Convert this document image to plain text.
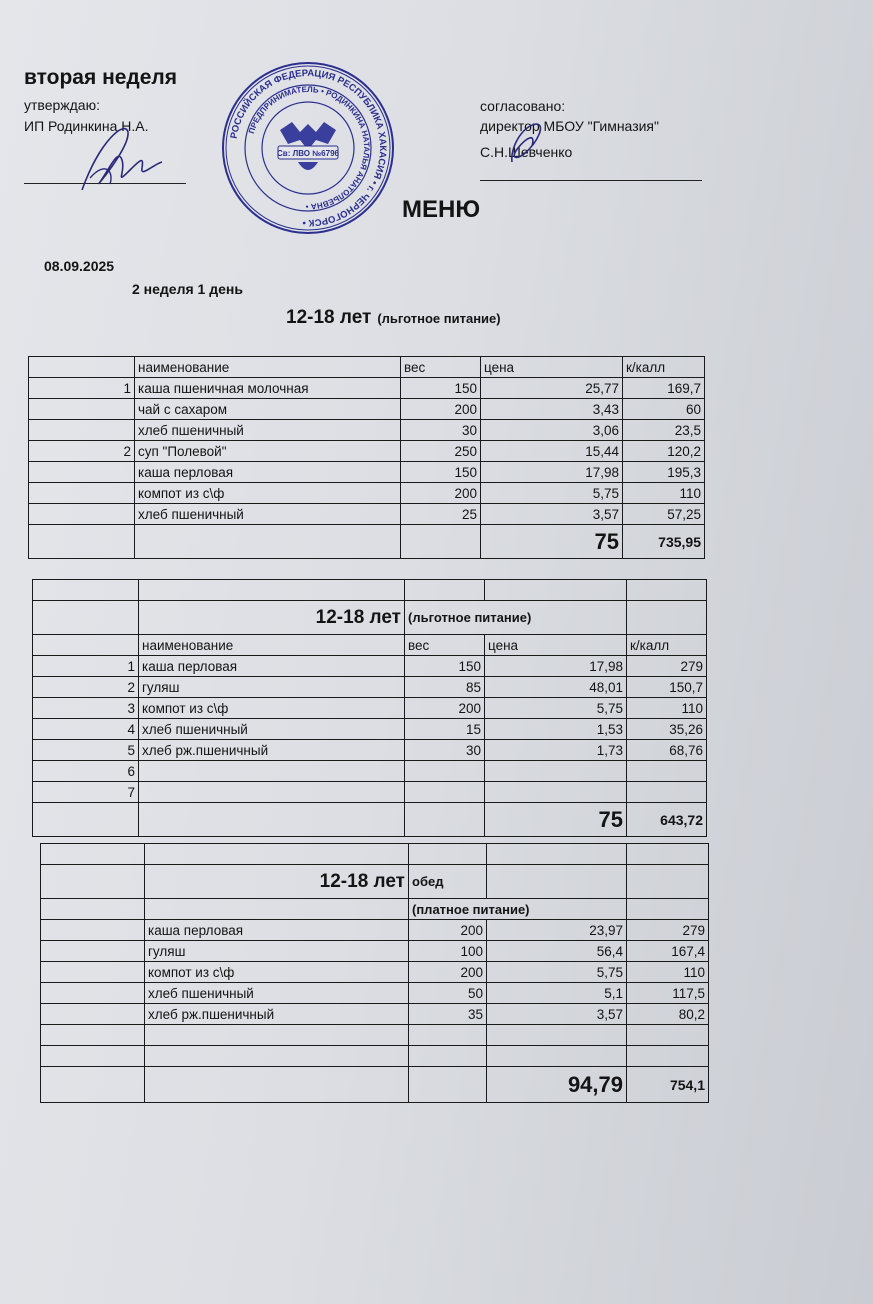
вторая неделя
утверждаю:
ИП Родинкина Н.А.
РОССИЙСКАЯ ФЕДЕРАЦИЯ РЕСПУБЛИКА ХАКАСИЯ • г. ЧЕРНОГОРСК •
ПРЕДПРИНИМАТЕЛЬ • РОДИНКИНА НАТАЛЬЯ АНАТОЛЬЕВНА •
Св: ЛВО №6796
согласовано:
директор МБОУ "Гимназия"
С.Н.Шевченко
МЕНЮ
08.09.2025
2 неделя 1 день
12-18 лет (льготное питание)
	наименование	вес	цена	к/калл
1	каша пшеничная молочная	150	25,77	169,7
	чай с сахаром	200	3,43	60
	хлеб пшеничный	30	3,06	23,5
2	суп "Полевой"	250	15,44	120,2
	каша перловая	150	17,98	195,3
	компот из с\ф	200	5,75	110
	хлеб пшеничный	25	3,57	57,25
			75	735,95

	12-18 лет	(льготное питание)		
	наименование	вес	цена	к/калл
1	каша перловая	150	17,98	279
2	гуляш	85	48,01	150,7
3	компот из с\ф	200	5,75	110
4	хлеб пшеничный	15	1,53	35,26
5	хлеб рж.пшеничный	30	1,73	68,76
6				
7				
			75	643,72

	12-18 лет	обед		
		(платное питание)		
	каша перловая	200	23,97	279
	гуляш	100	56,4	167,4
	компот из с\ф	200	5,75	110
	хлеб пшеничный	50	5,1	117,5
	хлеб рж.пшеничный	35	3,57	80,2

			94,79	754,1
